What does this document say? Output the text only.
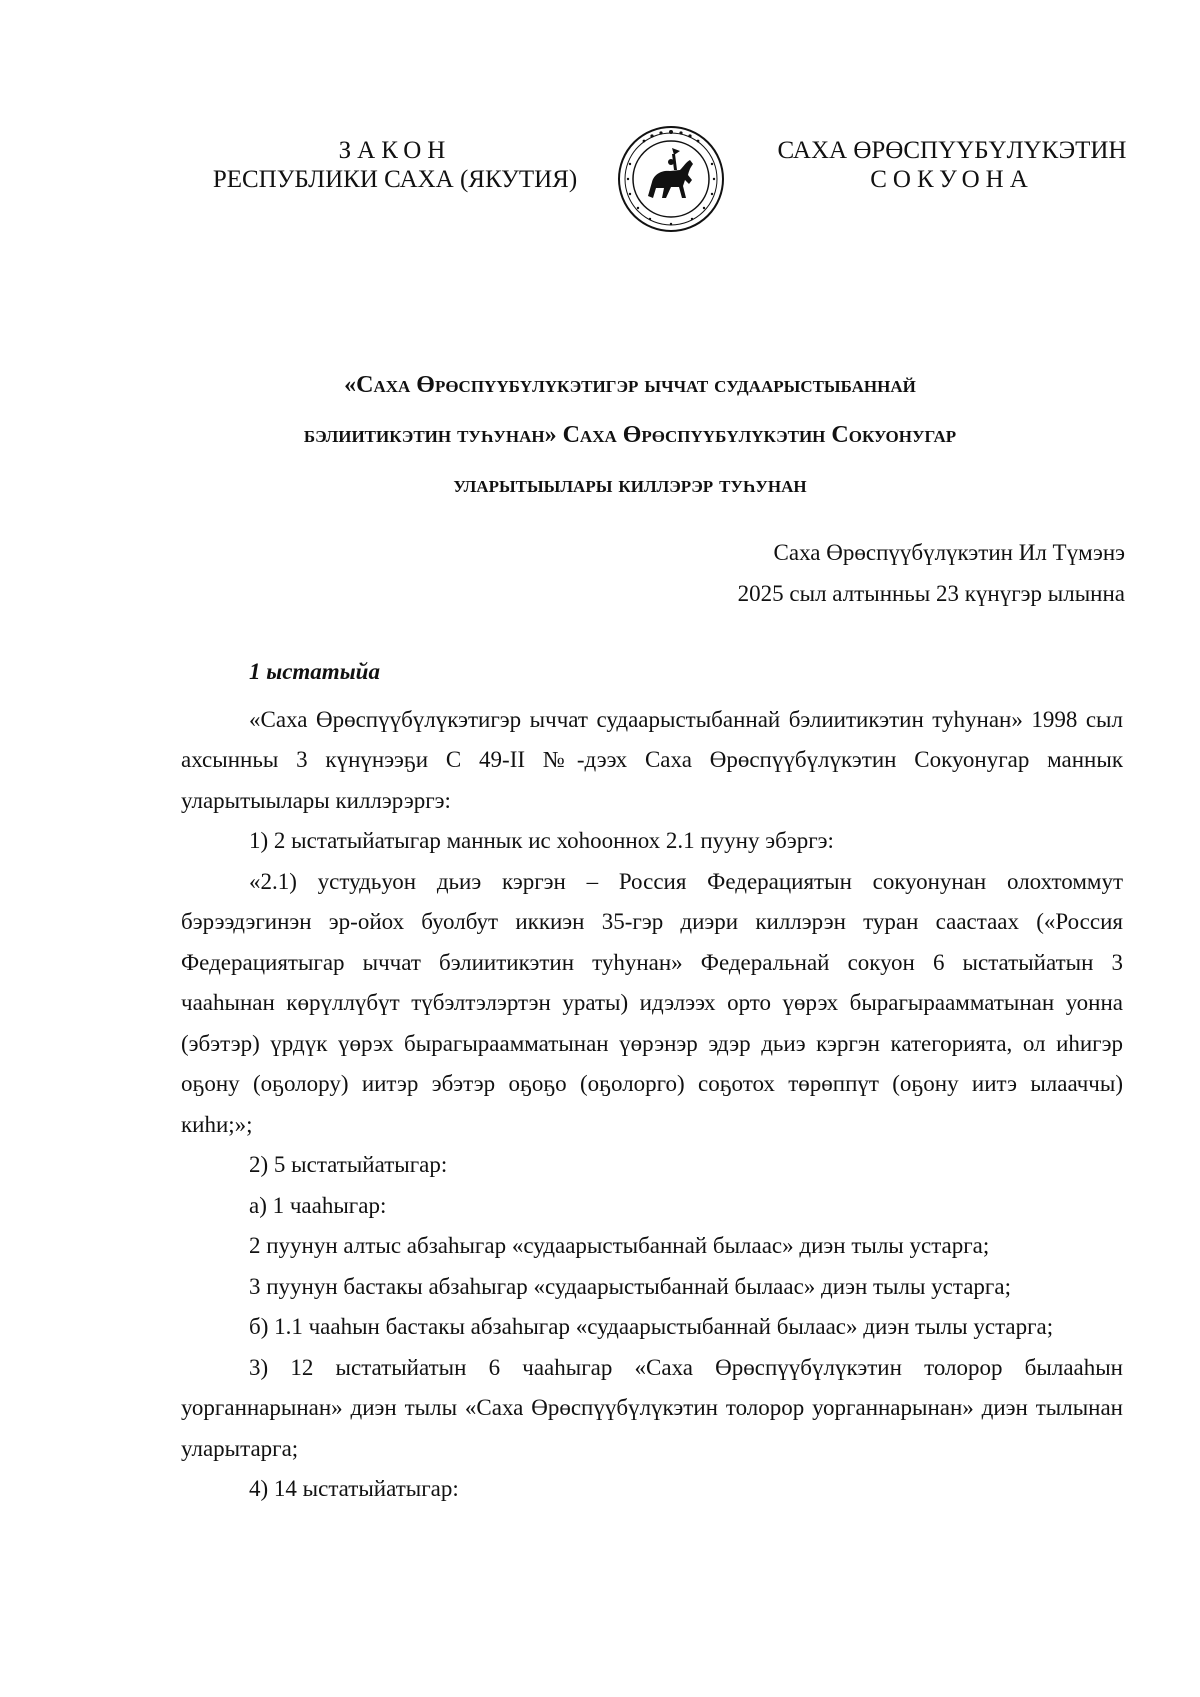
ЗАКОН
РЕСПУБЛИКИ САХА (ЯКУТИЯ)
САХА ӨРӨСПҮҮБҮЛҮКЭТИН
СОКУОНА
«Саха Өрөспүүбүлүкэтигэр ыччат судаарыстыбаннай
бэлиитикэтин туһунан» Саха Өрөспүүбүлүкэтин Сокуонугар
уларытыылары киллэрэр туһунан
Саха Өрөспүүбүлүкэтин Ил Түмэнэ
2025 сыл алтынньы 23 күнүгэр ылынна

1 ыстатыйа

«Саха Өрөспүүбүлүкэтигэр ыччат судаарыстыбаннай бэлиитикэтин туһунан» 1998 сыл ахсынньы 3 күнүнээҕи С 49-II №-дээх Саха Өрөспүүбүлүкэтин Сокуонугар маннык уларытыылары киллэрэргэ:

1) 2 ыстатыйатыгар маннык ис хоһооннох 2.1 пууну эбэргэ:

«2.1) устудьуон дьиэ кэргэн – Россия Федерациятын сокуонунан олохтоммут бэрээдэгинэн эр-ойох буолбут иккиэн 35-гэр диэри киллэрэн туран саастаах («Россия Федерациятыгар ыччат бэлиитикэтин туһунан» Федеральнай сокуон 6 ыстатыйатын 3 чааһынан көрүллүбүт түбэлтэлэртэн ураты) идэлээх орто үөрэх бырагыраамматынан уонна (эбэтэр) үрдүк үөрэх бырагыраамматынан үөрэнэр эдэр дьиэ кэргэн категорията, ол иһигэр оҕону (оҕолору) иитэр эбэтэр оҕоҕо (оҕолорго) соҕотох төрөппүт (оҕону иитэ ылааччы) киһи;»;

2) 5 ыстатыйатыгар:

а) 1 чааһыгар:

2 пуунун алтыс абзаһыгар «судаарыстыбаннай былаас» диэн тылы устарга;

3 пуунун бастакы абзаһыгар «судаарыстыбаннай былаас» диэн тылы устарга;

б) 1.1 чааһын бастакы абзаһыгар «судаарыстыбаннай былаас» диэн тылы устарга;

3) 12 ыстатыйатын 6 чааһыгар «Саха Өрөспүүбүлүкэтин толорор былааһын уорганнарынан» диэн тылы «Саха Өрөспүүбүлүкэтин толорор уорганнарынан» диэн тылынан уларытарга;

4) 14 ыстатыйатыгар:
